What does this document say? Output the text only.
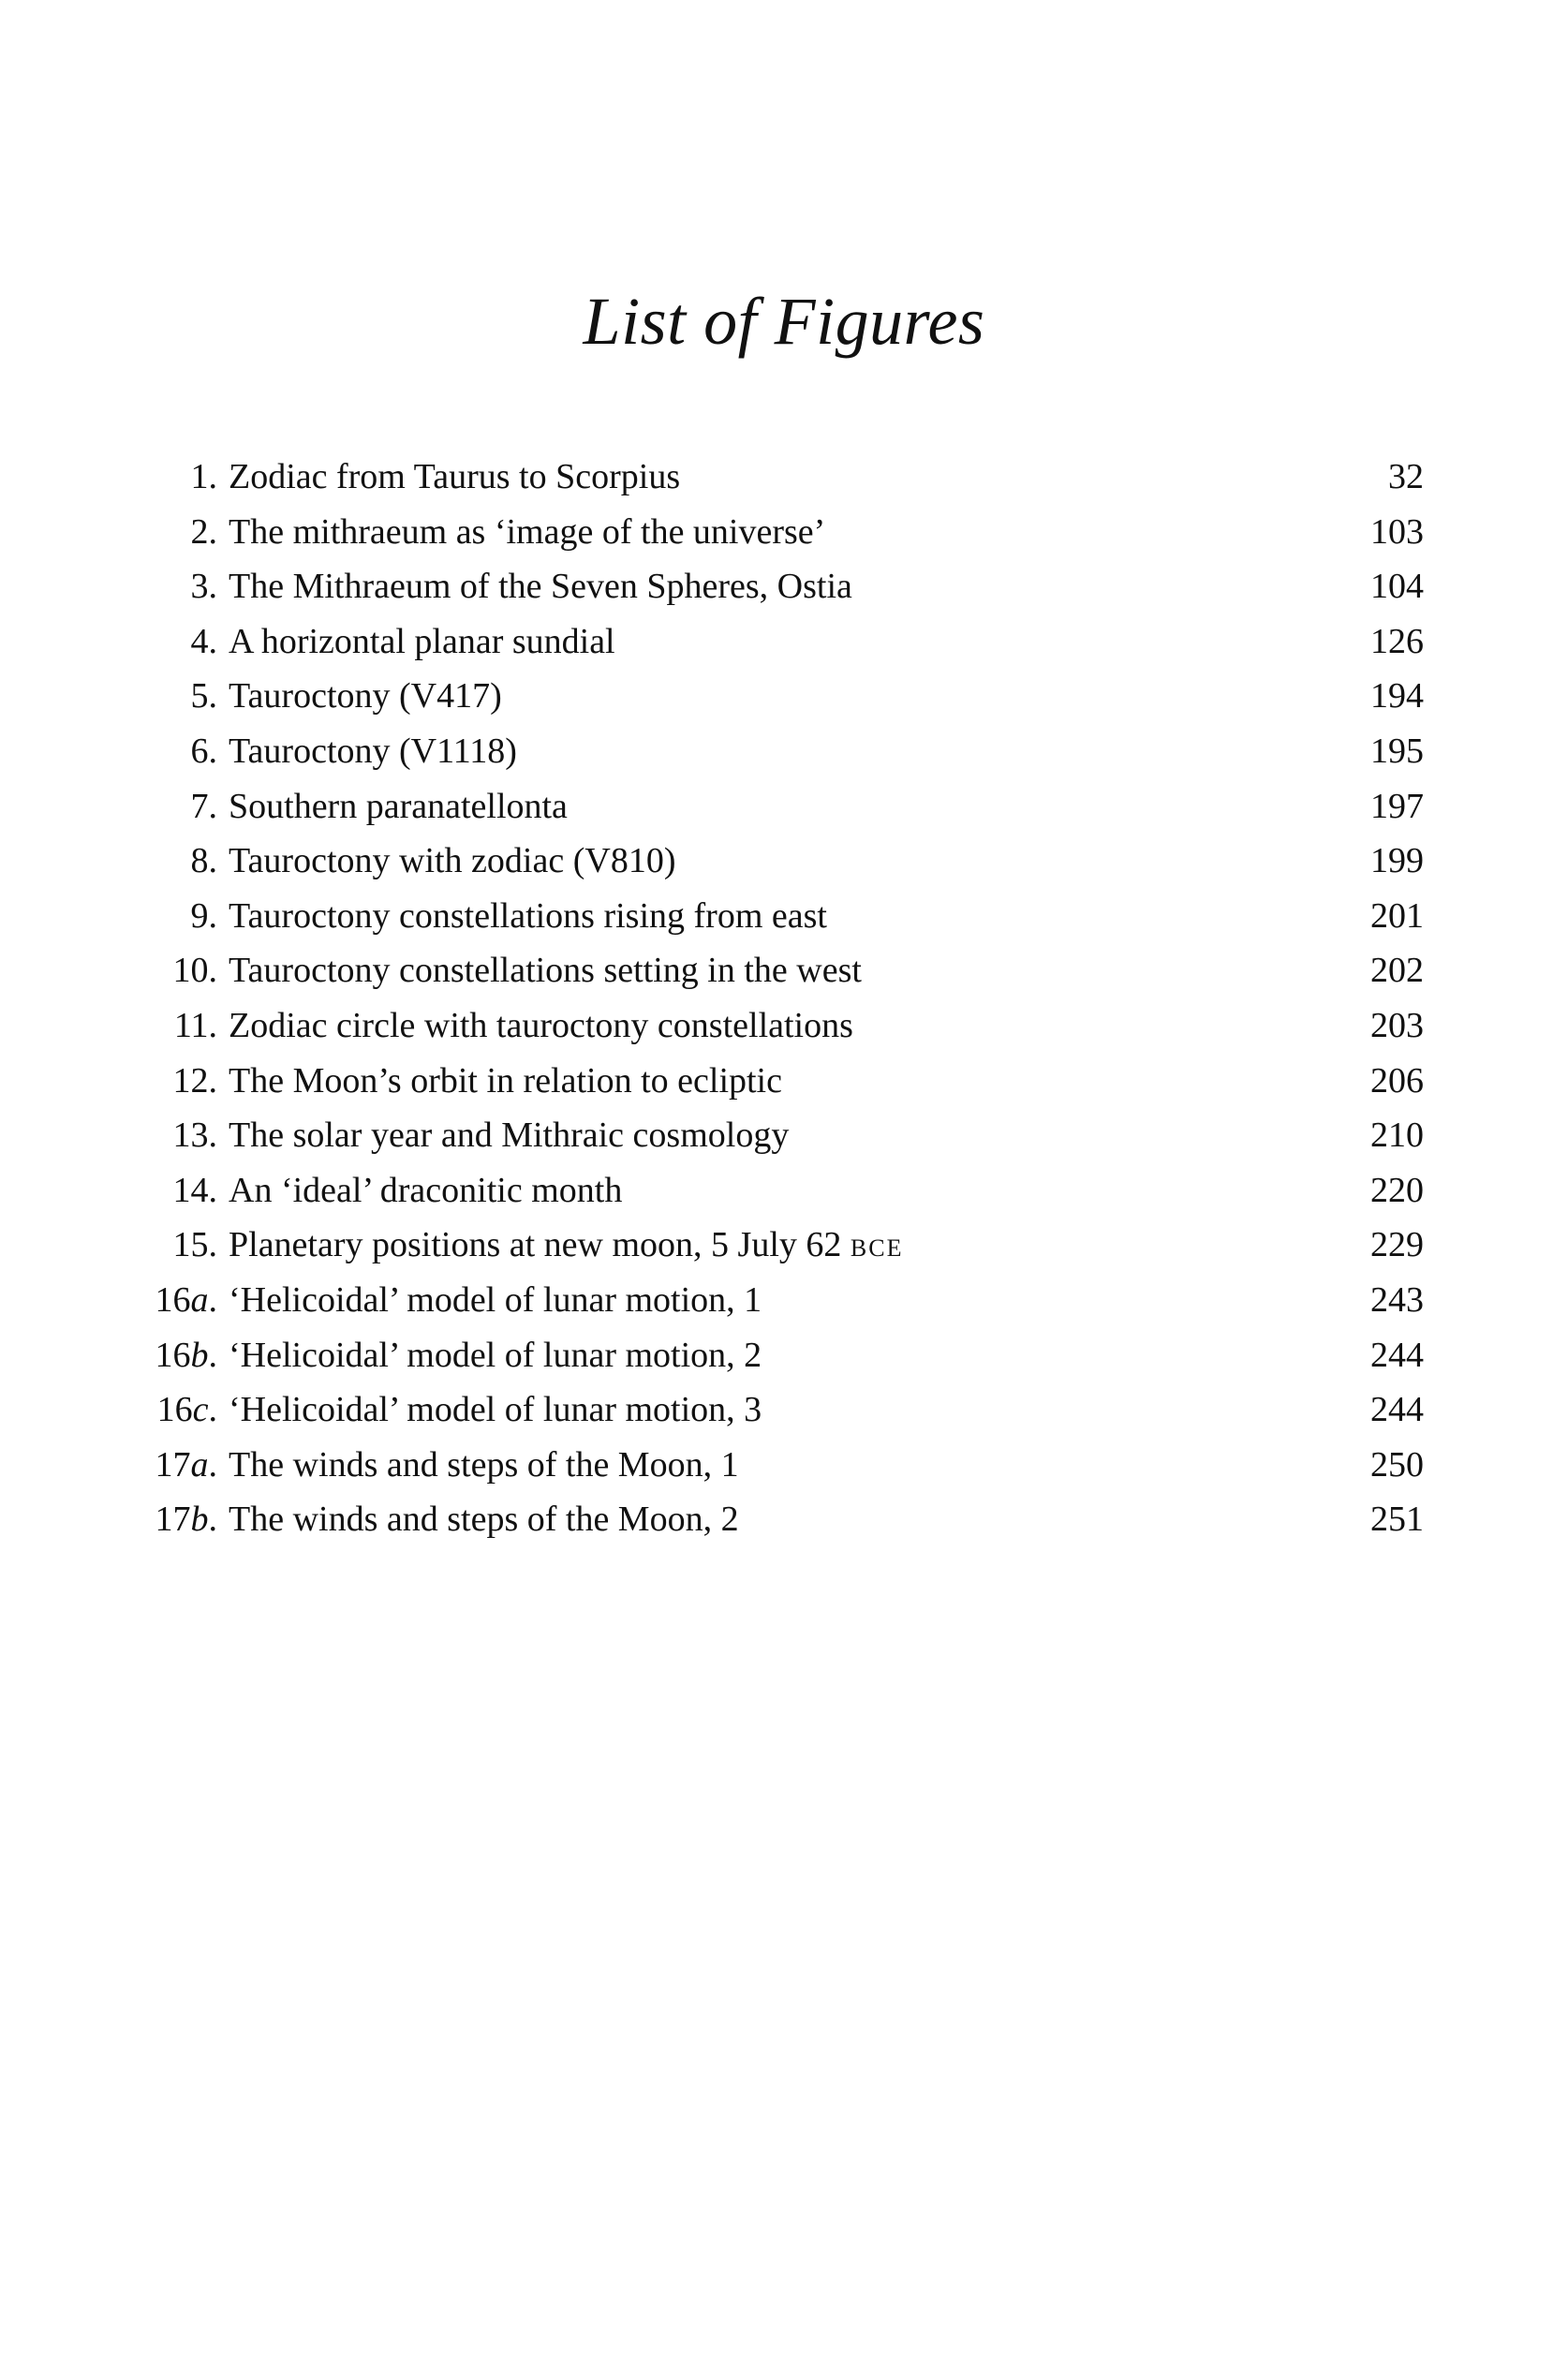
List of Figures
1. Zodiac from Taurus to Scorpius	32
2. The mithraeum as ‘image of the universe’	103
3. The Mithraeum of the Seven Spheres, Ostia	104
4. A horizontal planar sundial	126
5. Tauroctony (V417)	194
6. Tauroctony (V1118)	195
7. Southern paranatellonta	197
8. Tauroctony with zodiac (V810)	199
9. Tauroctony constellations rising from east	201
10. Tauroctony constellations setting in the west	202
11. Zodiac circle with tauroctony constellations	203
12. The Moon’s orbit in relation to ecliptic	206
13. The solar year and Mithraic cosmology	210
14. An ‘ideal’ draconitic month	220
15. Planetary positions at new moon, 5 July 62 BCE	229
16a. ‘Helicoidal’ model of lunar motion, 1	243
16b. ‘Helicoidal’ model of lunar motion, 2	244
16c. ‘Helicoidal’ model of lunar motion, 3	244
17a. The winds and steps of the Moon, 1	250
17b. The winds and steps of the Moon, 2	251
